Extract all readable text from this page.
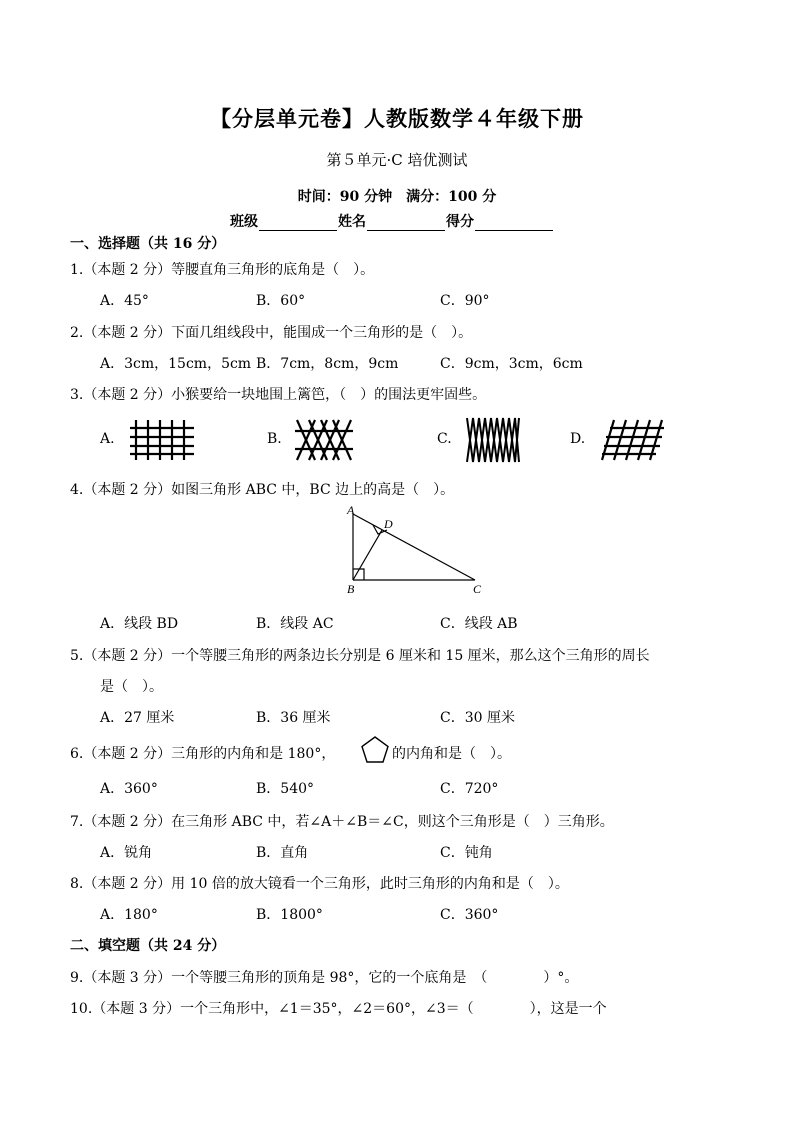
【分层单元卷】人教版数学４年级下册
第５单元·C 培优测试
时间：90 分钟　满分：100 分
班级	姓名	得分
一、选择题（共 16 分）
1.（本题 2 分）等腰直角三角形的底角是（　）。
A．45°	B．60°	C．90°
2.（本题 2 分）下面几组线段中，能围成一个三角形的是（　）。
A．3cm，15cm，5cm B．7cm，8cm，9cm	C．9cm，3cm，6cm
3.（本题 2 分）小猴要给一块地围上篱笆，（　）的围法更牢固些。
A.	B.	C.	D.
4.（本题 2 分）如图三角形 ABC 中，BC 边上的高是（　）。
A
D
B	C
A．线段 BD	B．线段 AC	C．线段 AB
5.（本题 2 分）一个等腰三角形的两条边长分别是 6 厘米和 15 厘米，那么这个三角形的周长
是（　）。
A．27 厘米	B．36 厘米	C．30 厘米
6.（本题 2 分）三角形的内角和是 180°，	的内角和是（　）。
A．360°	B．540°	C．720°
7.（本题 2 分）在三角形 ABC 中，若∠A＋∠B＝∠C，则这个三角形是（　）三角形。
A．锐角	B．直角	C．钝角
8.（本题 2 分）用 10 倍的放大镜看一个三角形，此时三角形的内角和是（　）。
A．180°	B．1800°	C．360°
二、填空题（共 24 分）
9.（本题 3 分）一个等腰三角形的顶角是 98°，它的一个底角是　（　　　　）°。
10.（本题 3 分）一个三角形中，∠1＝35°，∠2＝60°，∠3＝（　　　　），这是一个
